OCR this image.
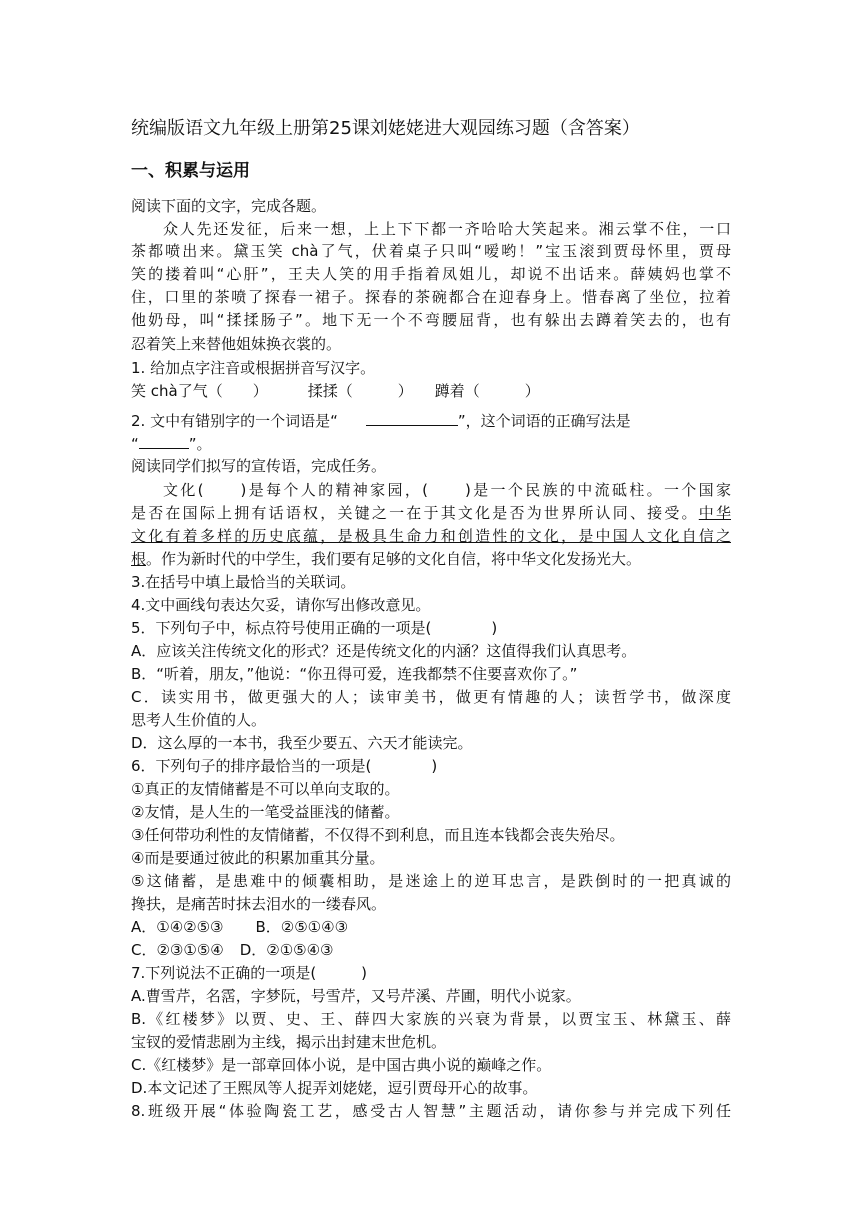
统编版语文九年级上册第25课刘姥姥进大观园练习题（含答案）
一、积累与运用
阅读下面的文字，完成各题。
众人先还发征，后来一想，上上下下都一齐哈哈大笑起来。湘云掌不住，一口
茶都喷出来。黛玉笑 chà了气，伏着桌子只叫“嗳哟！”宝玉滚到贾母怀里，贾母
笑的搂着叫“心肝”，王夫人笑的用手指着凤姐儿，却说不出话来。薛姨妈也掌不
住，口里的茶喷了探春一裙子。探春的茶碗都合在迎春身上。惜春离了坐位，拉着
他奶母，叫“揉揉肠子”。地下无一个不弯腰屈背，也有躲出去蹲着笑去的，也有
忍着笑上来替他姐妹换衣裳的。
1. 给加点字注音或根据拼音写汉字。
笑 chà了气（　　）	揉揉（　　　） 蹲着（　　　）
2. 文中有错别字的一个词语是“	”，这个词语的正确写法是
“	”。
阅读同学们拟写的宣传语，完成任务。
文化(　　)是每个人的精神家园，(　　)是一个民族的中流砥柱。一个国家
是否在国际上拥有话语权，关键之一在于其文化是否为世界所认同、接受。中华
文化有着多样的历史底蕴，是极具生命力和创造性的文化，是中国人文化自信之
根。作为新时代的中学生，我们要有足够的文化自信，将中华文化发扬光大。
3.在括号中填上最恰当的关联词。
4.文中画线句表达欠妥，请你写出修改意见。
5．下列句子中，标点符号使用正确的一项是(　　　　)
A．应该关注传统文化的形式？还是传统文化的内涵？这值得我们认真思考。
B．“听着，朋友，”他说：“你丑得可爱，连我都禁不住要喜欢你了。”
C．读实用书，做更强大的人；读审美书，做更有情趣的人；读哲学书，做深度
思考人生价值的人。
D．这么厚的一本书，我至少要五、六天才能读完。
6．下列句子的排序最恰当的一项是(　　　　)
①真正的友情储蓄是不可以单向支取的。
②友情，是人生的一笔受益匪浅的储蓄。
③任何带功利性的友情储蓄，不仅得不到利息，而且连本钱都会丧失殆尽。
④而是要通过彼此的积累加重其分量。
⑤这储蓄，是患难中的倾囊相助，是迷途上的逆耳忠言，是跌倒时的一把真诚的
搀扶，是痛苦时抹去泪水的一缕春风。
A．①④②⑤③ B．②⑤①④③
C．②③①⑤④ D．②①⑤④③
7.下列说法不正确的一项是(　　　)
A.曹雪芹，名霑，字梦阮，号雪芹，又号芹溪、芹圃，明代小说家。
B.《红楼梦》以贾、史、王、薛四大家族的兴衰为背景，以贾宝玉、林黛玉、薛
宝钗的爱情悲剧为主线，揭示出封建末世危机。
C.《红楼梦》是一部章回体小说，是中国古典小说的巅峰之作。
D.本文记述了王熙凤等人捉弄刘姥姥，逗引贾母开心的故事。
8.班级开展“体验陶瓷工艺，感受古人智慧”主题活动，请你参与并完成下列任
